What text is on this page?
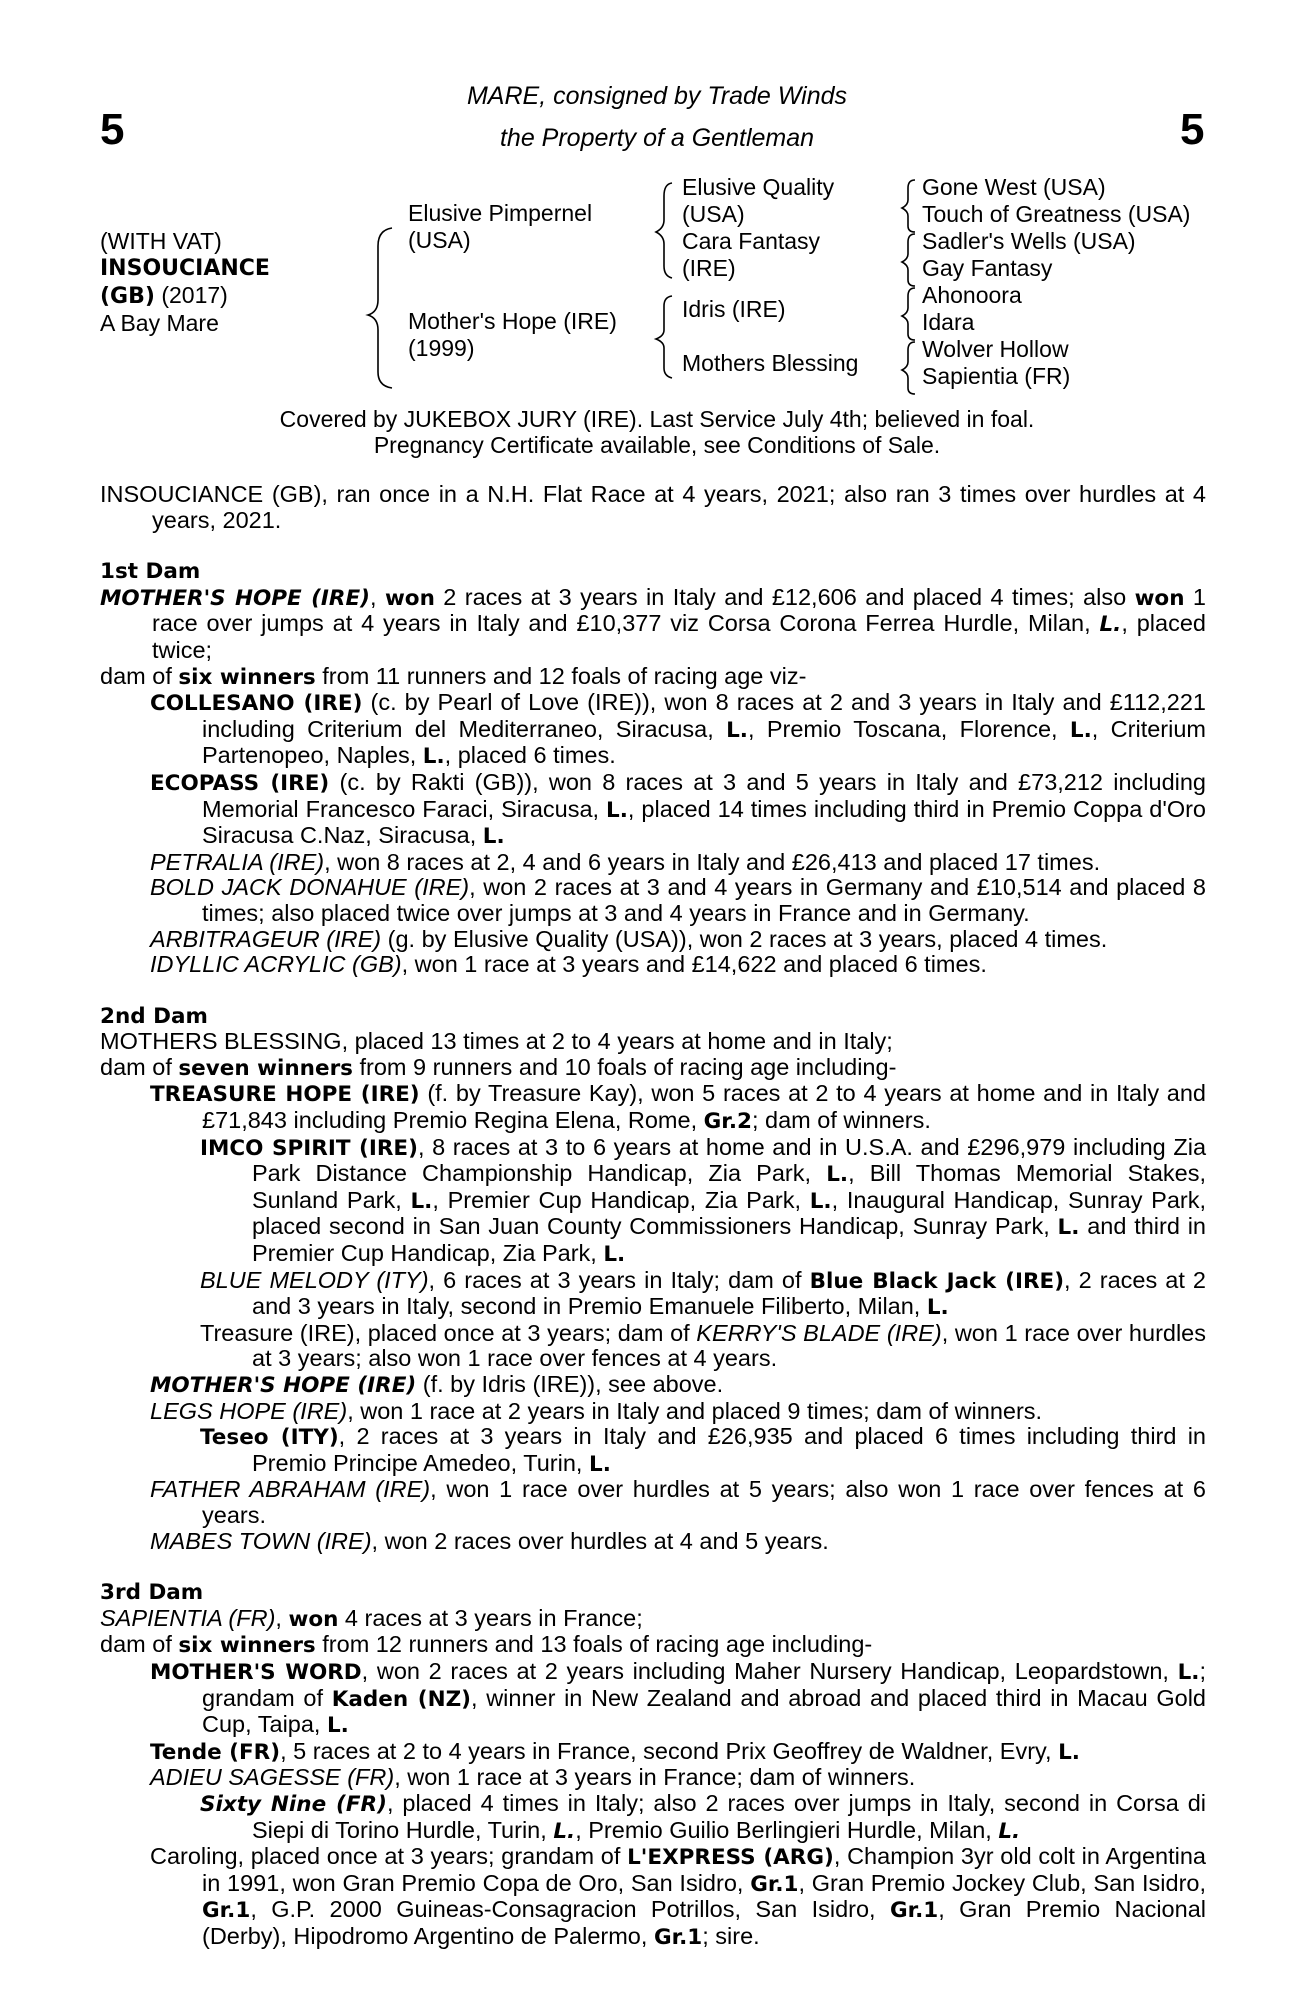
5	5
MARE, consigned by Trade Winds
the Property of a Gentleman
(WITH VAT)
INSOUCIANCE
(GB) (2017)
A Bay Mare
Elusive Pimpernel
(USA)
Mother's Hope (IRE)
(1999)
Elusive Quality
(USA)
Cara Fantasy
(IRE)
Idris (IRE)
Mothers Blessing
Gone West (USA)
Touch of Greatness (USA)
Sadler's Wells (USA)
Gay Fantasy
Ahonoora
Idara
Wolver Hollow
Sapientia (FR)
Covered by JUKEBOX JURY (IRE). Last Service July 4th; believed in foal.
Pregnancy Certificate available, see Conditions of Sale.

INSOUCIANCE (GB), ran once in a N.H. Flat Race at 4 years, 2021; also ran 3 times over hurdles at 4 years, 2021.

1st Dam

MOTHER'S HOPE (IRE), won 2 races at 3 years in Italy and £12,606 and placed 4 times; also won 1 race over jumps at 4 years in Italy and £10,377 viz Corsa Corona Ferrea Hurdle, Milan, L., placed twice;

dam of six winners from 11 runners and 12 foals of racing age viz-

COLLESANO (IRE) (c. by Pearl of Love (IRE)), won 8 races at 2 and 3 years in Italy and £112,221 including Criterium del Mediterraneo, Siracusa, L., Premio Toscana, Florence, L., Criterium Partenopeo, Naples, L., placed 6 times.

ECOPASS (IRE) (c. by Rakti (GB)), won 8 races at 3 and 5 years in Italy and £73,212 including Memorial Francesco Faraci, Siracusa, L., placed 14 times including third in Premio Coppa d'Oro Siracusa C.Naz, Siracusa, L.

PETRALIA (IRE), won 8 races at 2, 4 and 6 years in Italy and £26,413 and placed 17 times.

BOLD JACK DONAHUE (IRE), won 2 races at 3 and 4 years in Germany and £10,514 and placed 8 times; also placed twice over jumps at 3 and 4 years in France and in Germany.

ARBITRAGEUR (IRE) (g. by Elusive Quality (USA)), won 2 races at 3 years, placed 4 times.

IDYLLIC ACRYLIC (GB), won 1 race at 3 years and £14,622 and placed 6 times.

2nd Dam

MOTHERS BLESSING, placed 13 times at 2 to 4 years at home and in Italy;

dam of seven winners from 9 runners and 10 foals of racing age including-

TREASURE HOPE (IRE) (f. by Treasure Kay), won 5 races at 2 to 4 years at home and in Italy and £71,843 including Premio Regina Elena, Rome, Gr.2; dam of winners.

IMCO SPIRIT (IRE), 8 races at 3 to 6 years at home and in U.S.A. and £296,979 including Zia Park Distance Championship Handicap, Zia Park, L., Bill Thomas Memorial Stakes, Sunland Park, L., Premier Cup Handicap, Zia Park, L., Inaugural Handicap, Sunray Park, placed second in San Juan County Commissioners Handicap, Sunray Park, L. and third in Premier Cup Handicap, Zia Park, L.

BLUE MELODY (ITY), 6 races at 3 years in Italy; dam of Blue Black Jack (IRE), 2 races at 2 and 3 years in Italy, second in Premio Emanuele Filiberto, Milan, L.

Treasure (IRE), placed once at 3 years; dam of KERRY'S BLADE (IRE), won 1 race over hurdles at 3 years; also won 1 race over fences at 4 years.

MOTHER'S HOPE (IRE) (f. by Idris (IRE)), see above.

LEGS HOPE (IRE), won 1 race at 2 years in Italy and placed 9 times; dam of winners.

Teseo (ITY), 2 races at 3 years in Italy and £26,935 and placed 6 times including third in Premio Principe Amedeo, Turin, L.

FATHER ABRAHAM (IRE), won 1 race over hurdles at 5 years; also won 1 race over fences at 6 years.

MABES TOWN (IRE), won 2 races over hurdles at 4 and 5 years.

3rd Dam

SAPIENTIA (FR), won 4 races at 3 years in France;

dam of six winners from 12 runners and 13 foals of racing age including-

MOTHER'S WORD, won 2 races at 2 years including Maher Nursery Handicap, Leopardstown, L.; grandam of Kaden (NZ), winner in New Zealand and abroad and placed third in Macau Gold Cup, Taipa, L.

Tende (FR), 5 races at 2 to 4 years in France, second Prix Geoffrey de Waldner, Evry, L.

ADIEU SAGESSE (FR), won 1 race at 3 years in France; dam of winners.

Sixty Nine (FR), placed 4 times in Italy; also 2 races over jumps in Italy, second in Corsa di Siepi di Torino Hurdle, Turin, L., Premio Guilio Berlingieri Hurdle, Milan, L.

Caroling, placed once at 3 years; grandam of L'EXPRESS (ARG), Champion 3yr old colt in Argentina in 1991, won Gran Premio Copa de Oro, San Isidro, Gr.1, Gran Premio Jockey Club, San Isidro, Gr.1, G.P. 2000 Guineas-Consagracion Potrillos, San Isidro, Gr.1, Gran Premio Nacional (Derby), Hipodromo Argentino de Palermo, Gr.1; sire.
